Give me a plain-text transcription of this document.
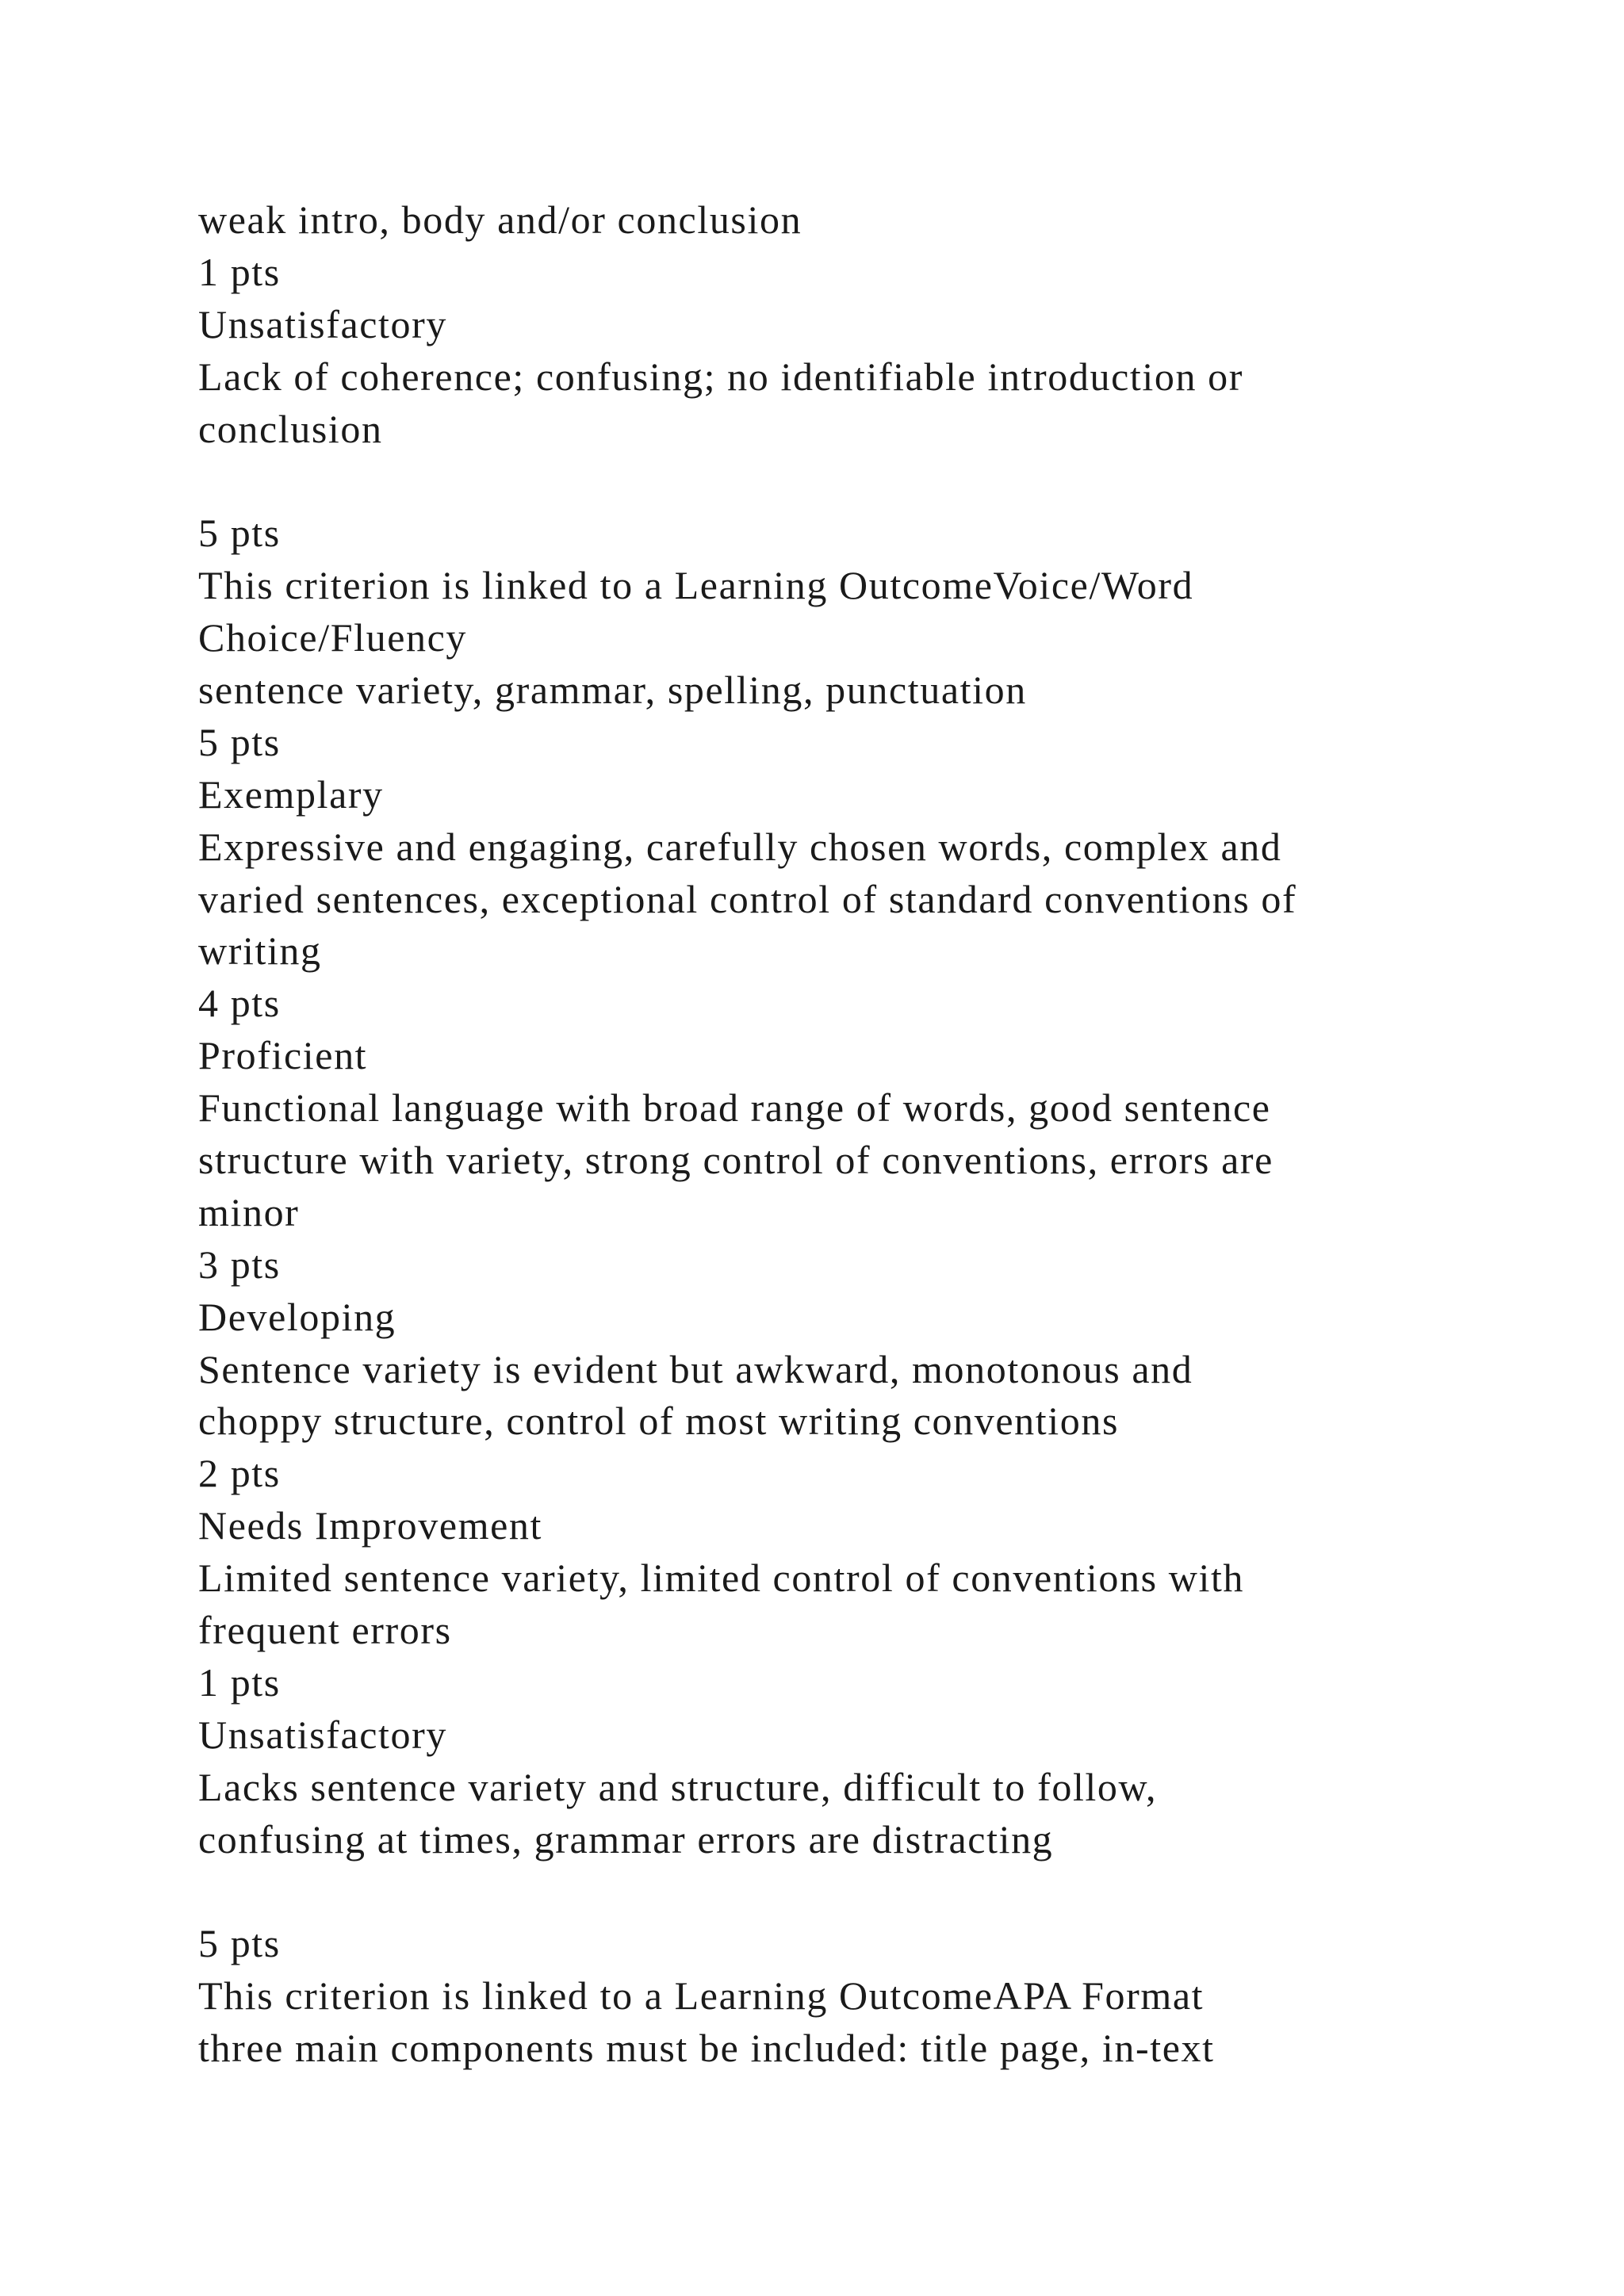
weak intro, body and/or conclusion
1 pts
Unsatisfactory
Lack of coherence; confusing; no identifiable introduction or
conclusion
5 pts
This criterion is linked to a Learning OutcomeVoice/Word
Choice/Fluency
sentence variety, grammar, spelling, punctuation
5 pts
Exemplary
Expressive and engaging, carefully chosen words, complex and
varied sentences, exceptional control of standard conventions of
writing
4 pts
Proficient
Functional language with broad range of words, good sentence
structure with variety, strong control of conventions, errors are
minor
3 pts
Developing
Sentence variety is evident but awkward, monotonous and
choppy structure, control of most writing conventions
2 pts
Needs Improvement
Limited sentence variety, limited control of conventions with
frequent errors
1 pts
Unsatisfactory
Lacks sentence variety and structure, difficult to follow,
confusing at times, grammar errors are distracting
5 pts
This criterion is linked to a Learning OutcomeAPA Format
three main components must be included: title page, in-text
